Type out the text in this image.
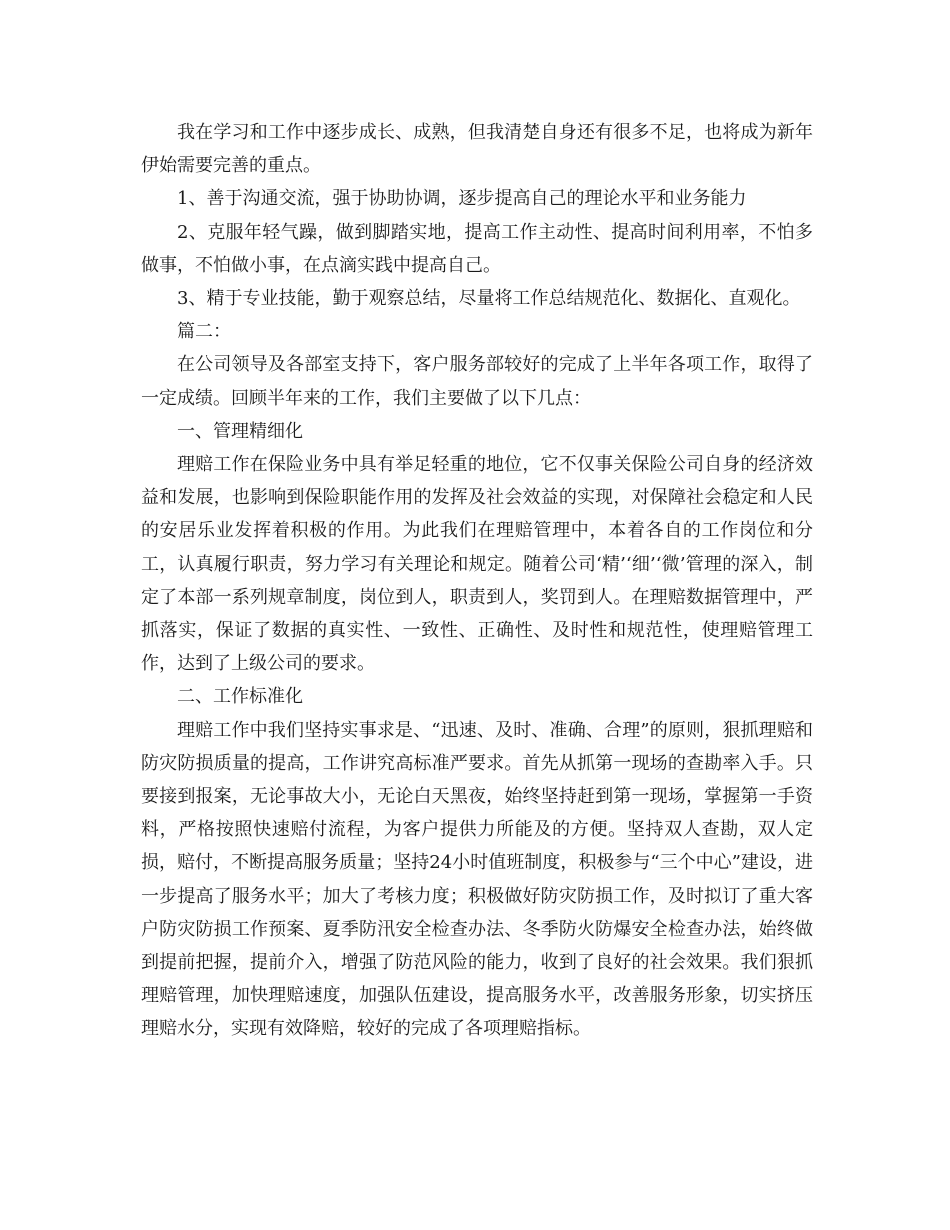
我在学习和工作中逐步成长、成熟，但我清楚自身还有很多不足，也将成为新年伊始需要完善的重点。

1、善于沟通交流，强于协助协调，逐步提高自己的理论水平和业务能力

2、克服年轻气躁，做到脚踏实地，提高工作主动性、提高时间利用率，不怕多做事，不怕做小事，在点滴实践中提高自己。

3、精于专业技能，勤于观察总结，尽量将工作总结规范化、数据化、直观化。

篇二：

在公司领导及各部室支持下，客户服务部较好的完成了上半年各项工作，取得了一定成绩。回顾半年来的工作，我们主要做了以下几点：

一、管理精细化

理赔工作在保险业务中具有举足轻重的地位，它不仅事关保险公司自身的经济效益和发展，也影响到保险职能作用的发挥及社会效益的实现，对保障社会稳定和人民的安居乐业发挥着积极的作用。为此我们在理赔管理中，本着各自的工作岗位和分工，认真履行职责，努力学习有关理论和规定。随着公司‘精’‘细’‘微’管理的深入，制定了本部一系列规章制度，岗位到人，职责到人，奖罚到人。在理赔数据管理中，严抓落实，保证了数据的真实性、一致性、正确性、及时性和规范性，使理赔管理工作，达到了上级公司的要求。

二、工作标准化

理赔工作中我们坚持实事求是、“迅速、及时、准确、合理”的原则，狠抓理赔和防灾防损质量的提高，工作讲究高标准严要求。首先从抓第一现场的查勘率入手。只要接到报案，无论事故大小，无论白天黑夜，始终坚持赶到第一现场，掌握第一手资料，严格按照快速赔付流程，为客户提供力所能及的方便。坚持双人查勘，双人定损，赔付，不断提高服务质量；坚持24小时值班制度，积极参与“三个中心”建设，进一步提高了服务水平；加大了考核力度；积极做好防灾防损工作，及时拟订了重大客户防灾防损工作预案、夏季防汛安全检查办法、冬季防火防爆安全检查办法，始终做到提前把握，提前介入，增强了防范风险的能力，收到了良好的社会效果。我们狠抓理赔管理，加快理赔速度，加强队伍建设，提高服务水平，改善服务形象，切实挤压理赔水分，实现有效降赔，较好的完成了各项理赔指标。
